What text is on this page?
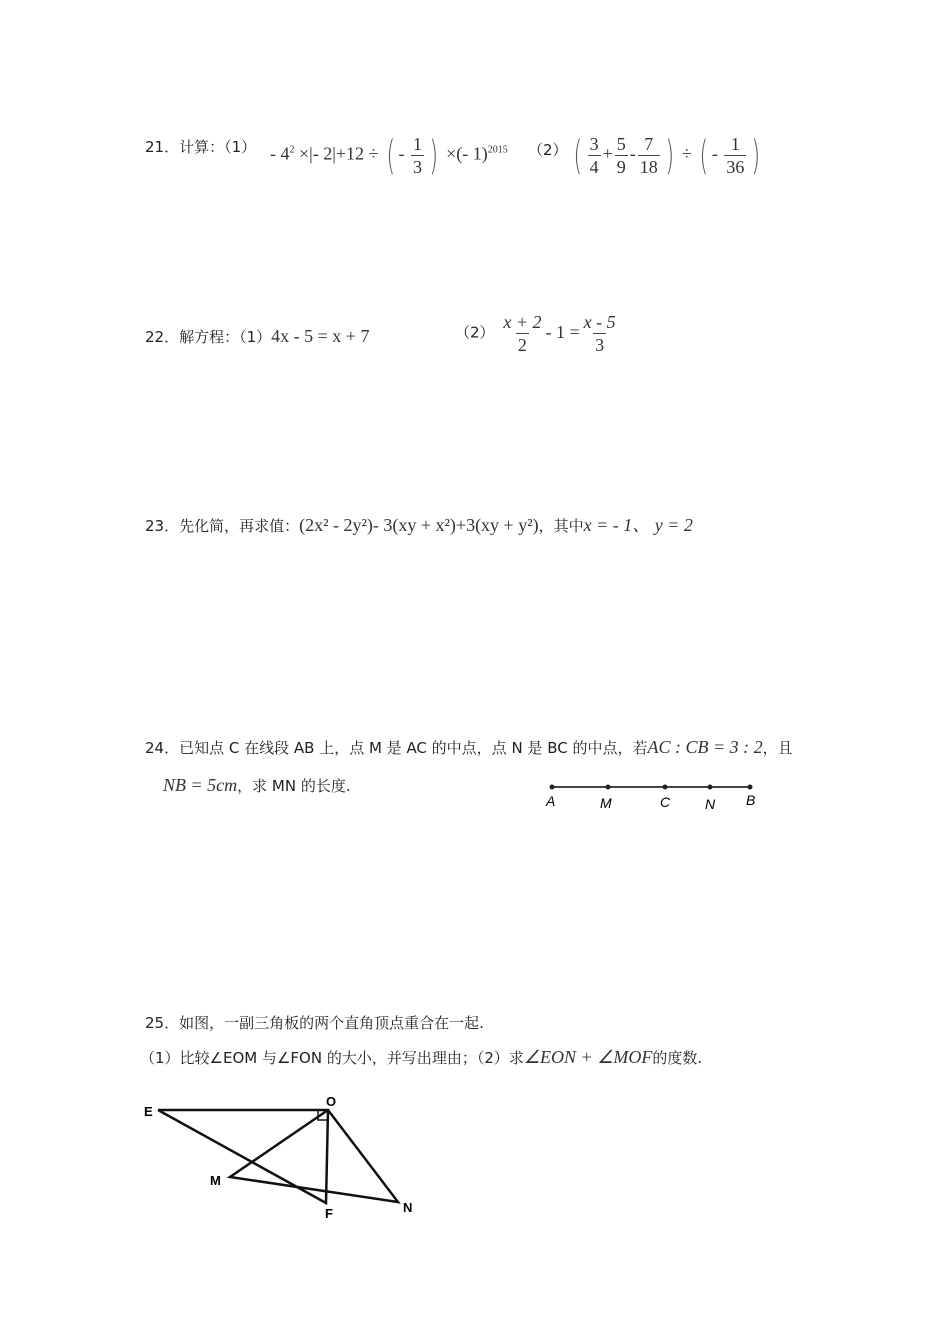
21．计算：$(1) - 4^2$ ×|- 2|+12 ÷ ( - $\frac{1}{3}$ ) ×(- 1)$^{2015}$ （2） ( $\frac{3}{4} + \frac{5}{9} - \frac{7}{18}$ ) ÷ ( - $\frac{1}{36}$ )
22．解方程：（1）4x - 5 = x + 7	$(2) \frac{x + 2}{2} - 1 = \frac{x - 5}{3}$
23．先化简，再求值：(2x² - 2y²)- 3(xy + x²)+3(xy + y²)，其中x = - 1、 y = 2
24．已知点 C 在线段 AB 上，点 M 是 AC 的中点，点 N 是 BC 的中点，若AC : CB = 3 : 2，且
NB = 5cm，求 MN 的长度.
A	M	C N B
25．如图，一副三角板的两个直角顶点重合在一起.
（1）比较∠EOM 与∠FON 的大小，并写出理由；（2）求∠EON + ∠MOF的度数.
E
O
M
F	N
